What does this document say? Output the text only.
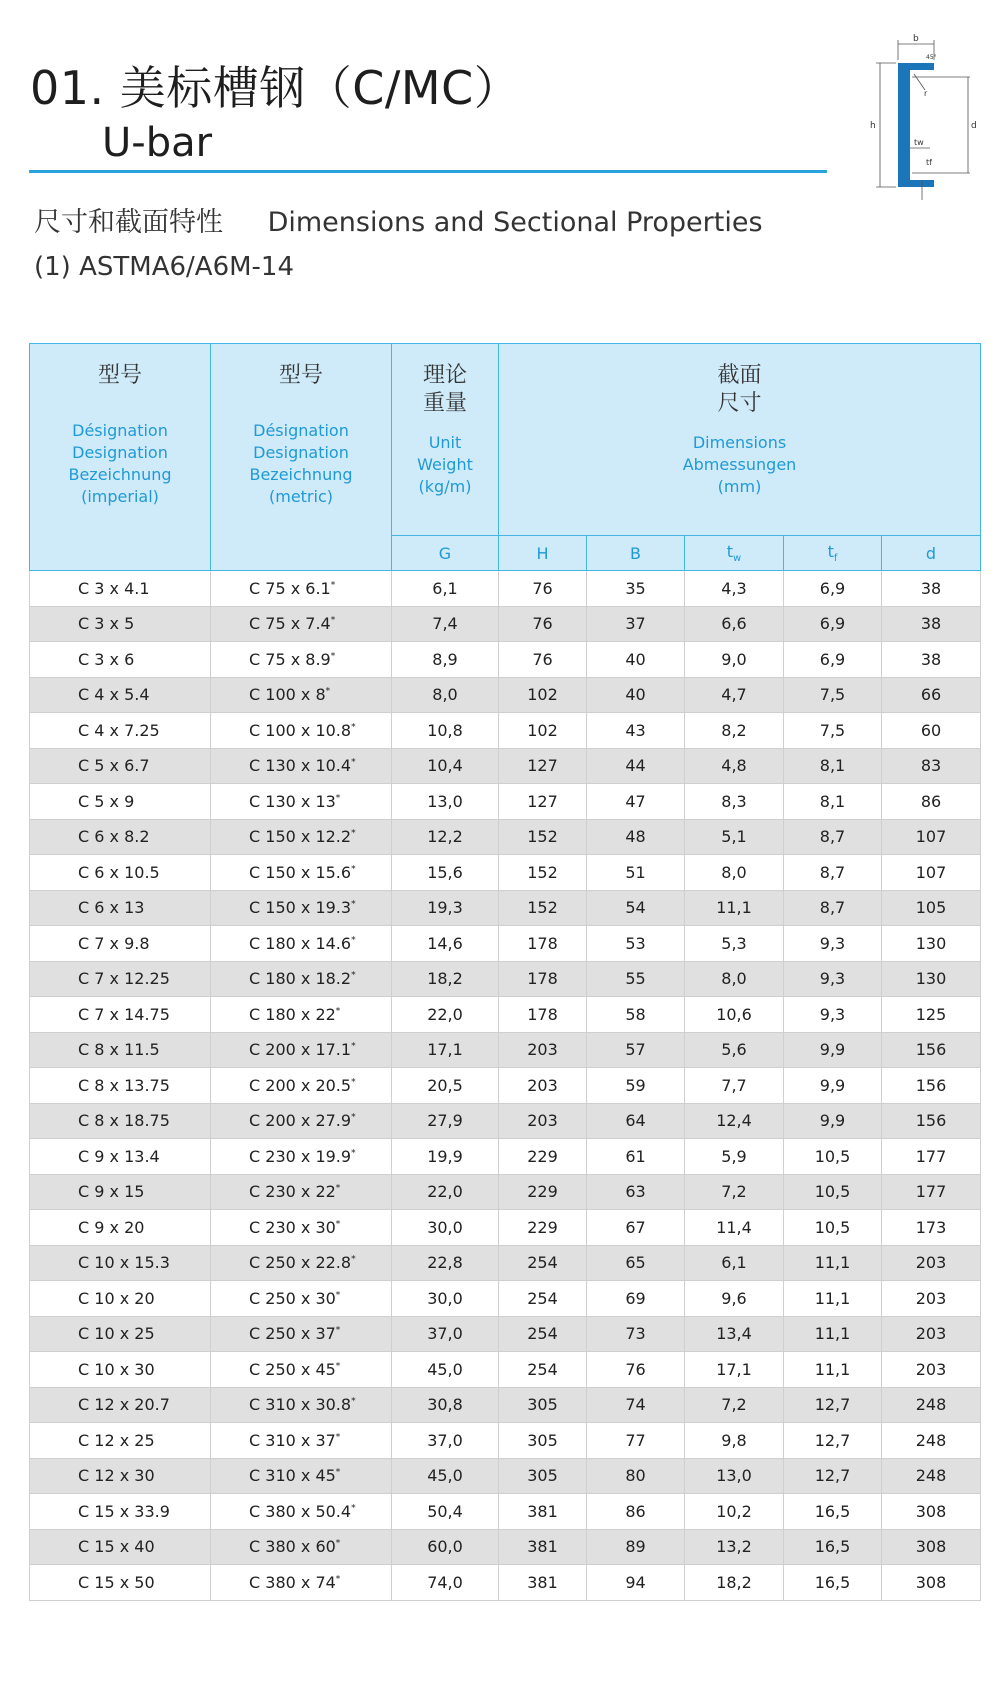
01. 美标槽钢（C/MC）
U-bar
尺寸和截面特性 Dimensions and Sectional Properties
(1) ASTMA6/A6M-14
b
45°
r
h	d
tw
tf
型号
Désignation
Designation
Bezeichnung
(imperial)	型号
Désignation
Designation
Bezeichnung
(metric)	理论
重量
Unit
Weight
(kg/m)	截面
尺寸
Dimensions
Abmessungen
(mm)				

		G	H	B	$t_w$	$t_f$	d
C 3 x 4.1	C 75 x 6.1*	6,1	76	35	4,3	6,9	38
C 3 x 5	C 75 x 7.4*	7,4	76	37	6,6	6,9	38
C 3 x 6	C 75 x 8.9*	8,9	76	40	9,0	6,9	38
C 4 x 5.4	C 100 x 8*	8,0	102	40	4,7	7,5	66
C 4 x 7.25	C 100 x 10.8*	10,8	102	43	8,2	7,5	60
C 5 x 6.7	C 130 x 10.4*	10,4	127	44	4,8	8,1	83
C 5 x 9	C 130 x 13*	13,0	127	47	8,3	8,1	86
C 6 x 8.2	C 150 x 12.2*	12,2	152	48	5,1	8,7	107
C 6 x 10.5	C 150 x 15.6*	15,6	152	51	8,0	8,7	107
C 6 x 13	C 150 x 19.3*	19,3	152	54	11,1	8,7	105
C 7 x 9.8	C 180 x 14.6*	14,6	178	53	5,3	9,3	130
C 7 x 12.25	C 180 x 18.2*	18,2	178	55	8,0	9,3	130
C 7 x 14.75	C 180 x 22*	22,0	178	58	10,6	9,3	125
C 8 x 11.5	C 200 x 17.1*	17,1	203	57	5,6	9,9	156
C 8 x 13.75	C 200 x 20.5*	20,5	203	59	7,7	9,9	156
C 8 x 18.75	C 200 x 27.9*	27,9	203	64	12,4	9,9	156
C 9 x 13.4	C 230 x 19.9*	19,9	229	61	5,9	10,5	177
C 9 x 15	C 230 x 22*	22,0	229	63	7,2	10,5	177
C 9 x 20	C 230 x 30*	30,0	229	67	11,4	10,5	173
C 10 x 15.3	C 250 x 22.8*	22,8	254	65	6,1	11,1	203
C 10 x 20	C 250 x 30*	30,0	254	69	9,6	11,1	203
C 10 x 25	C 250 x 37*	37,0	254	73	13,4	11,1	203
C 10 x 30	C 250 x 45*	45,0	254	76	17,1	11,1	203
C 12 x 20.7	C 310 x 30.8*	30,8	305	74	7,2	12,7	248
C 12 x 25	C 310 x 37*	37,0	305	77	9,8	12,7	248
C 12 x 30	C 310 x 45*	45,0	305	80	13,0	12,7	248
C 15 x 33.9	C 380 x 50.4*	50,4	381	86	10,2	16,5	308
C 15 x 40	C 380 x 60*	60,0	381	89	13,2	16,5	308
C 15 x 50	C 380 x 74*	74,0	381	94	18,2	16,5	308
